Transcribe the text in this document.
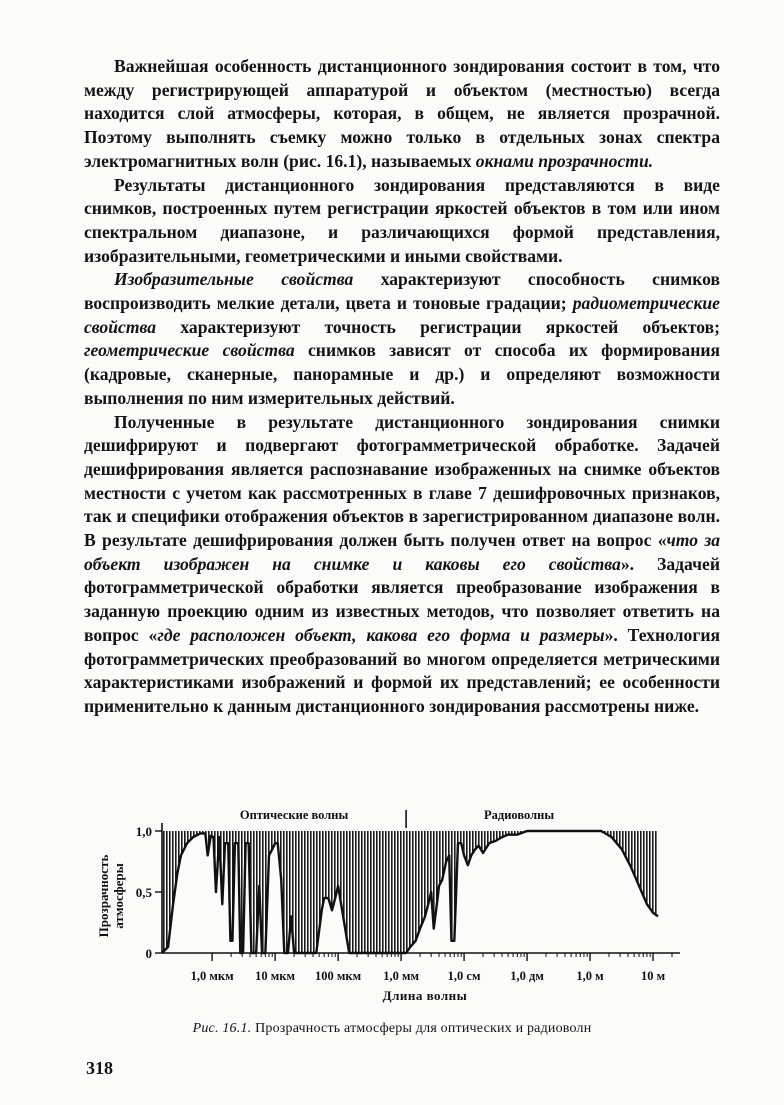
Важнейшая особенность дистанционного зондирования состоит в том, что между регистрирующей аппаратурой и объектом (местностью) всегда находится слой атмосферы, которая, в общем, не является прозрачной. Поэтому выполнять съемку можно только в отдельных зонах спектра электромагнитных волн (рис. 16.1), называемых окнами прозрачности.

Результаты дистанционного зондирования представляются в виде снимков, построенных путем регистрации яркостей объектов в том или ином спектральном диапазоне, и различающихся формой представления, изобразительными, геометрическими и иными свойствами.

Изобразительные свойства характеризуют способность снимков воспроизводить мелкие детали, цвета и тоновые градации; радиометрические свойства характеризуют точность регистрации яркостей объектов; геометрические свойства снимков зависят от способа их формирования (кадровые, сканерные, панорамные и др.) и определяют возможности выполнения по ним измерительных действий.

Полученные в результате дистанционного зондирования снимки дешифрируют и подвергают фотограмметрической обработке. Задачей дешифрирования является распознавание изображенных на снимке объектов местности с учетом как рассмотренных в главе 7 дешифровочных признаков, так и специфики отображения объектов в зарегистрированном диапазоне волн. В результате дешифрирования должен быть получен ответ на вопрос «что за объект изображен на снимке и каковы его свойства». Задачей фотограмметрической обработки является преобразование изображения в заданную проекцию одним из известных методов, что позволяет ответить на вопрос «где расположен объект, какова его форма и размеры». Технология фотограмметрических преобразований во многом определяется метрическими характеристиками изображений и формой их представлений; ее особенности применительно к данным дистанционного зондирования рассмотрены ниже.

1,0
0,5
0
1,0 мкм 10 мкм 100 мкм 1,0 мм 1,0 см 1,0 дм	1,0 м	10 м
Оптические волны	Радиоволны
Длина волны
Прозрачность атмосферы
Рис. 16.1. Прозрачность атмосферы для оптических и радиоволн
318
